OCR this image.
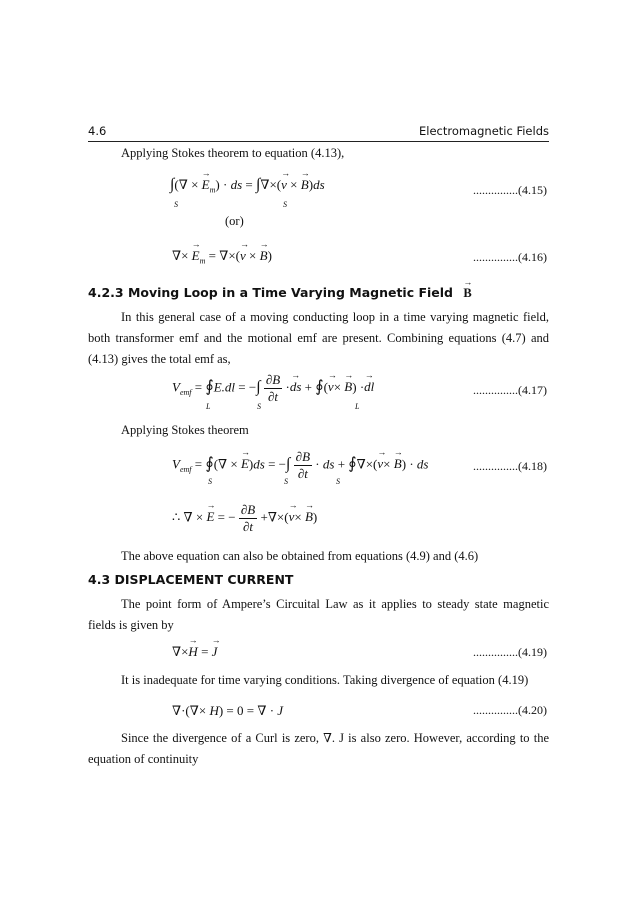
4.6	Electromagnetic Fields
Applying Stokes theorem to equation (4.13),
∫(∇ × → $E_m$) · ds = ∫∇×(→ v × → B)ds
S	S
...............(4.15)
(or)
∇× → $E_m$ = ∇×(→ v × → B)	...............(4.16)
4.2.3 Moving Loop in a Time Varying Magnetic Field → B
In this general case of a moving conducting loop in a time varying magnetic field, both transformer emf and the motional emf are present. Combining equations (4.7) and (4.13) gives the total emf as,
$V_{emf}$ = ∮E.dl = −∫ $\frac{\partial B}{\partial t}$ ·→ ds + ∮(→ v× → B) ·→ dl
L	S	L
...............(4.17)
Applying Stokes theorem
$V_{emf}$ = ∮(∇ × → E)ds = −∫ $\frac{\partial B}{\partial t}$ · ds + ∮∇×(→ v× → B) · ds
S	S	S
...............(4.18)
∴ ∇ × → E = − $\frac{\partial B}{\partial t}$ +∇×(→ v× → B)
The above equation can also be obtained from equations (4.9) and (4.6)
4.3 DISPLACEMENT CURRENT
The point form of Ampere’s Circuital Law as it applies to steady state magnetic fields is given by
∇×→ H = → J	...............(4.19)
It is inadequate for time varying conditions. Taking divergence of equation (4.19)
∇·(∇× H) = 0 = ∇ · J	...............(4.20)
Since the divergence of a Curl is zero, ∇. J is also zero. However, according to the equation of continuity
